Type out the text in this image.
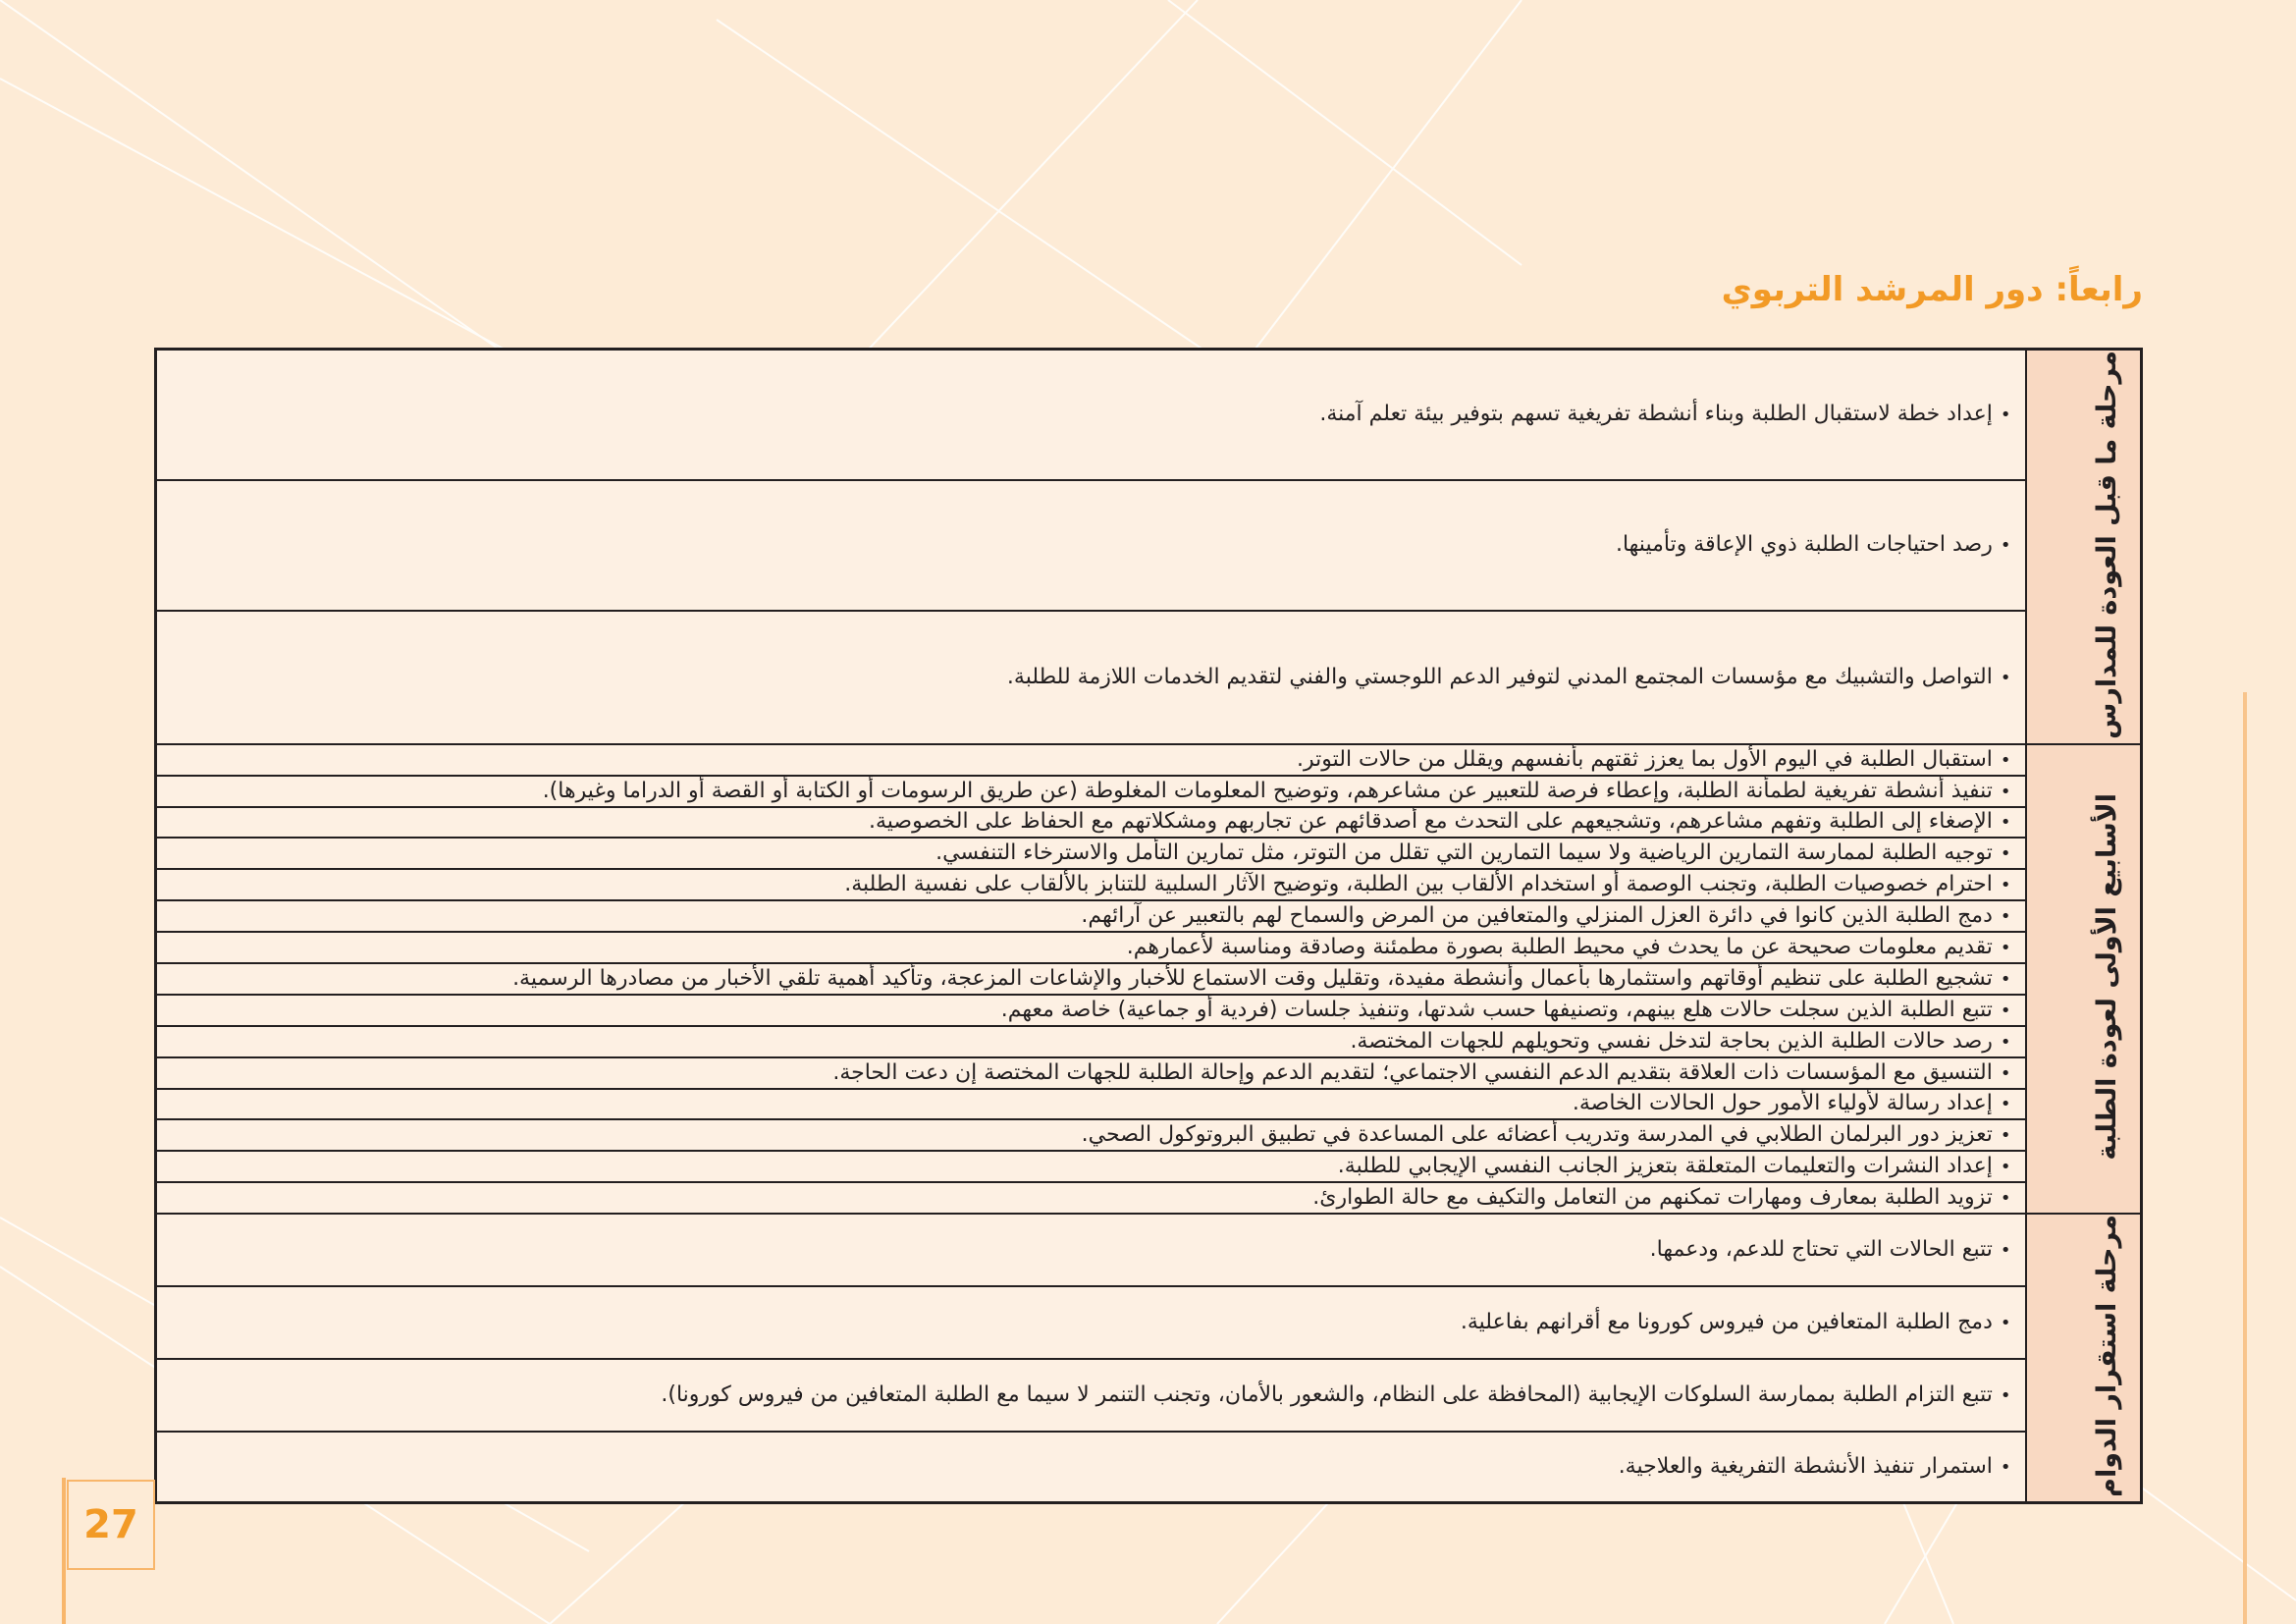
رابعاً: دور المرشد التربوي
مرحلة ما قبل العودة للمدارس	•إعداد خطة لاستقبال الطلبة وبناء أنشطة تفريغية تسهم بتوفير بيئة تعلم آمنة.
	•رصد احتياجات الطلبة ذوي الإعاقة وتأمينها.
	•التواصل والتشبيك مع مؤسسات المجتمع المدني لتوفير الدعم اللوجستي والفني لتقديم الخدمات اللازمة للطلبة.
الأسابيع الأولى لعودة الطلبة	•استقبال الطلبة في اليوم الأول بما يعزز ثقتهم بأنفسهم ويقلل من حالات التوتر.
	•تنفيذ أنشطة تفريغية لطمأنة الطلبة، وإعطاء فرصة للتعبير عن مشاعرهم، وتوضيح المعلومات المغلوطة (عن طريق الرسومات أو الكتابة أو القصة أو الدراما وغيرها).
	•الإصغاء إلى الطلبة وتفهم مشاعرهم، وتشجيعهم على التحدث مع أصدقائهم عن تجاربهم ومشكلاتهم مع الحفاظ على الخصوصية.
	•توجيه الطلبة لممارسة التمارين الرياضية ولا سيما التمارين التي تقلل من التوتر، مثل تمارين التأمل والاسترخاء التنفسي.
	•احترام خصوصيات الطلبة، وتجنب الوصمة أو استخدام الألقاب بين الطلبة، وتوضيح الآثار السلبية للتنابز بالألقاب على نفسية الطلبة.
	•دمج الطلبة الذين كانوا في دائرة العزل المنزلي والمتعافين من المرض والسماح لهم بالتعبير عن آرائهم.
	•تقديم معلومات صحيحة عن ما يحدث في محيط الطلبة بصورة مطمئنة وصادقة ومناسبة لأعمارهم.
	•تشجيع الطلبة على تنظيم أوقاتهم واستثمارها بأعمال وأنشطة مفيدة، وتقليل وقت الاستماع للأخبار والإشاعات المزعجة، وتأكيد أهمية تلقي الأخبار من مصادرها الرسمية.
	•تتبع الطلبة الذين سجلت حالات هلع بينهم، وتصنيفها حسب شدتها، وتنفيذ جلسات (فردية أو جماعية) خاصة معهم.
	•رصد حالات الطلبة الذين بحاجة لتدخل نفسي وتحويلهم للجهات المختصة.
	•التنسيق مع المؤسسات ذات العلاقة بتقديم الدعم النفسي الاجتماعي؛ لتقديم الدعم وإحالة الطلبة للجهات المختصة إن دعت الحاجة.
	•إعداد رسالة لأولياء الأمور حول الحالات الخاصة.
	•تعزيز دور البرلمان الطلابي في المدرسة وتدريب أعضائه على المساعدة في تطبيق البروتوكول الصحي.
	•إعداد النشرات والتعليمات المتعلقة بتعزيز الجانب النفسي الإيجابي للطلبة.
	•تزويد الطلبة بمعارف ومهارات تمكنهم من التعامل والتكيف مع حالة الطوارئ.
مرحلة استقرار الدوام	•تتبع الحالات التي تحتاج للدعم، ودعمها.
	•دمج الطلبة المتعافين من فيروس كورونا مع أقرانهم بفاعلية.
	•تتبع التزام الطلبة بممارسة السلوكات الإيجابية (المحافظة على النظام، والشعور بالأمان، وتجنب التنمر لا سيما مع الطلبة المتعافين من فيروس كورونا).
	•استمرار تنفيذ الأنشطة التفريغية والعلاجية.
27
